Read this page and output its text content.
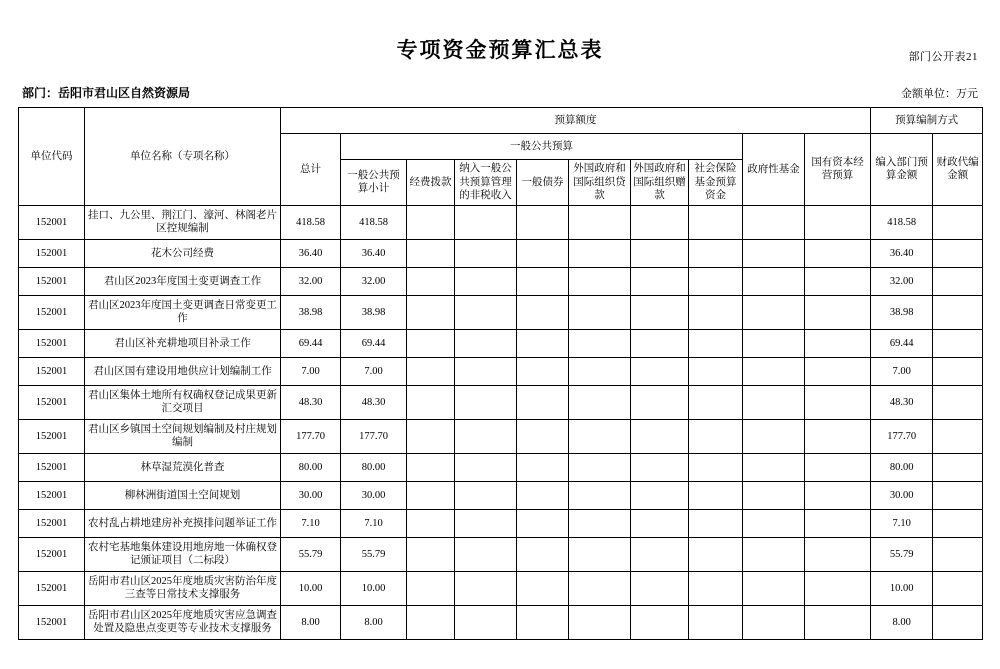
部门公开表21
专项资金预算汇总表
部门：岳阳市君山区自然资源局	金额单位：万元
单位代码	单位名称（专项名称）	预算额度										预算编制方式	
		总计	一般公共预算							政府性基金	国有资本经营预算	编入部门预算金额	财政代编金额
			一般公共预算小计	经费拨款	纳入一般公共预算管理的非税收入	一般债券	外国政府和国际组织贷款	外国政府和国际组织赠款	社会保险基金预算资金				

152001	挂口、九公里、荆江门、濠河、林阁老片区控规编制	418.58	418.58									418.58	
152001	花木公司经费	36.40	36.40									36.40	
152001	君山区2023年度国土变更调查工作	32.00	32.00									32.00	
152001	君山区2023年度国土变更调查日常变更工作	38.98	38.98									38.98	
152001	君山区补充耕地项目补录工作	69.44	69.44									69.44	
152001	君山区国有建设用地供应计划编制工作	7.00	7.00									7.00	
152001	君山区集体土地所有权确权登记成果更新汇交项目	48.30	48.30									48.30	
152001	君山区乡镇国土空间规划编制及村庄规划编制	177.70	177.70									177.70	
152001	林草湿荒漠化普查	80.00	80.00									80.00	
152001	柳林洲街道国土空间规划	30.00	30.00									30.00	
152001	农村乱占耕地建房补充摸排问题举证工作	7.10	7.10									7.10	
152001	农村宅基地集体建设用地房地一体确权登记颁证项目（二标段）	55.79	55.79									55.79	
152001	岳阳市君山区2025年度地质灾害防治年度三查等日常技术支撑服务	10.00	10.00									10.00	
152001	岳阳市君山区2025年度地质灾害应急调查处置及隐患点变更等专业技术支撑服务	8.00	8.00									8.00	
